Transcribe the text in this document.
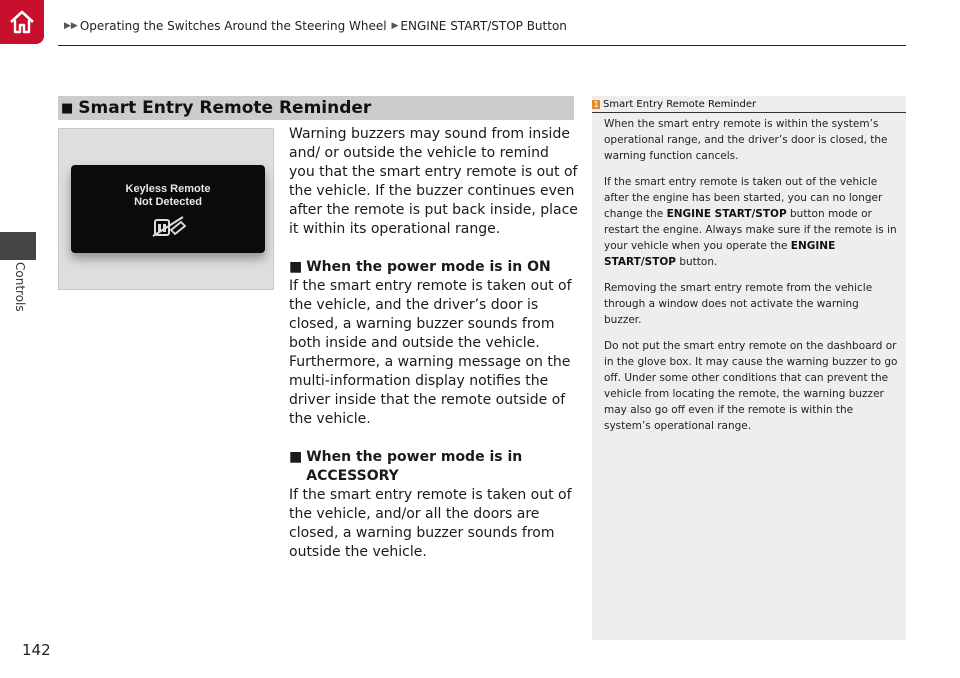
▶▶ Operating the Switches Around the Steering Wheel ▶ ENGINE START/STOP Button
Controls
142
■ Smart Entry Remote Reminder
Keyless Remote
Not Detected

Warning buzzers may sound from inside and/ or outside the vehicle to remind you that the smart entry remote is out of the vehicle. If the buzzer continues even after the remote is put back inside, place it within its operational range.

■ When the power mode is in ON

If the smart entry remote is taken out of the vehicle, and the driver’s door is closed, a warning buzzer sounds from both inside and outside the vehicle. Furthermore, a warning message on the multi-information display notifies the driver inside that the remote outside of the vehicle.

■ When the power mode is in ACCESSORY

If the smart entry remote is taken out of the vehicle, and/or all the doors are closed, a warning buzzer sounds from outside the vehicle.

1 Smart Entry Remote Reminder

When the smart entry remote is within the system’s operational range, and the driver’s door is closed, the warning function cancels.

If the smart entry remote is taken out of the vehicle after the engine has been started, you can no longer change the ENGINE START/STOP button mode or restart the engine. Always make sure if the remote is in your vehicle when you operate the ENGINE START/STOP button.

Removing the smart entry remote from the vehicle through a window does not activate the warning buzzer.

Do not put the smart entry remote on the dashboard or in the glove box. It may cause the warning buzzer to go off. Under some other conditions that can prevent the vehicle from locating the remote, the warning buzzer may also go off even if the remote is within the system’s operational range.
